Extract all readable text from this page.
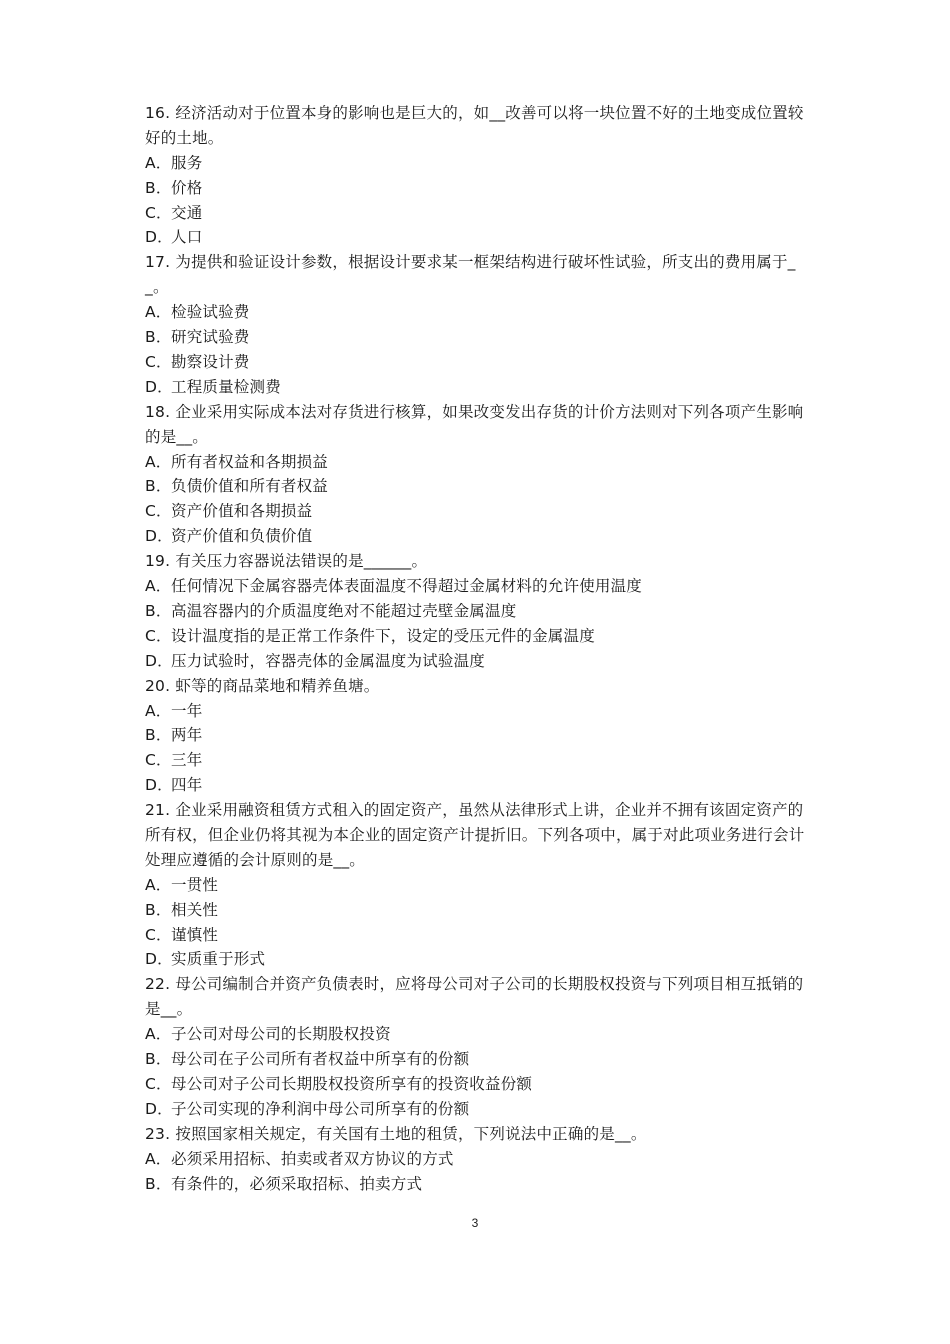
16. 经济活动对于位置本身的影响也是巨大的，如__改善可以将一块位置不好的土地变成位置较好的土地。
A．服务
B．价格
C．交通
D．人口
17. 为提供和验证设计参数，根据设计要求某一框架结构进行破坏性试验，所支出的费用属于__。
A．检验试验费
B．研究试验费
C．勘察设计费
D．工程质量检测费
18. 企业采用实际成本法对存货进行核算，如果改变发出存货的计价方法则对下列各项产生影响的是__。
A．所有者权益和各期损益
B．负债价值和所有者权益
C．资产价值和各期损益
D．资产价值和负债价值
19. 有关压力容器说法错误的是______。
A．任何情况下金属容器壳体表面温度不得超过金属材料的允许使用温度
B．高温容器内的介质温度绝对不能超过壳壁金属温度
C．设计温度指的是正常工作条件下，设定的受压元件的金属温度
D．压力试验时，容器壳体的金属温度为试验温度
20. 虾等的商品菜地和精养鱼塘。
A．一年
B．两年
C．三年
D．四年
21. 企业采用融资租赁方式租入的固定资产，虽然从法律形式上讲，企业并不拥有该固定资产的所有权，但企业仍将其视为本企业的固定资产计提折旧。下列各项中，属于对此项业务进行会计处理应遵循的会计原则的是__。
A．一贯性
B．相关性
C．谨慎性
D．实质重于形式
22. 母公司编制合并资产负债表时，应将母公司对子公司的长期股权投资与下列项目相互抵销的是__。
A．子公司对母公司的长期股权投资
B．母公司在子公司所有者权益中所享有的份额
C．母公司对子公司长期股权投资所享有的投资收益份额
D．子公司实现的净利润中母公司所享有的份额
23. 按照国家相关规定，有关国有土地的租赁，下列说法中正确的是__。
A．必须采用招标、拍卖或者双方协议的方式
B．有条件的，必须采取招标、拍卖方式
3
